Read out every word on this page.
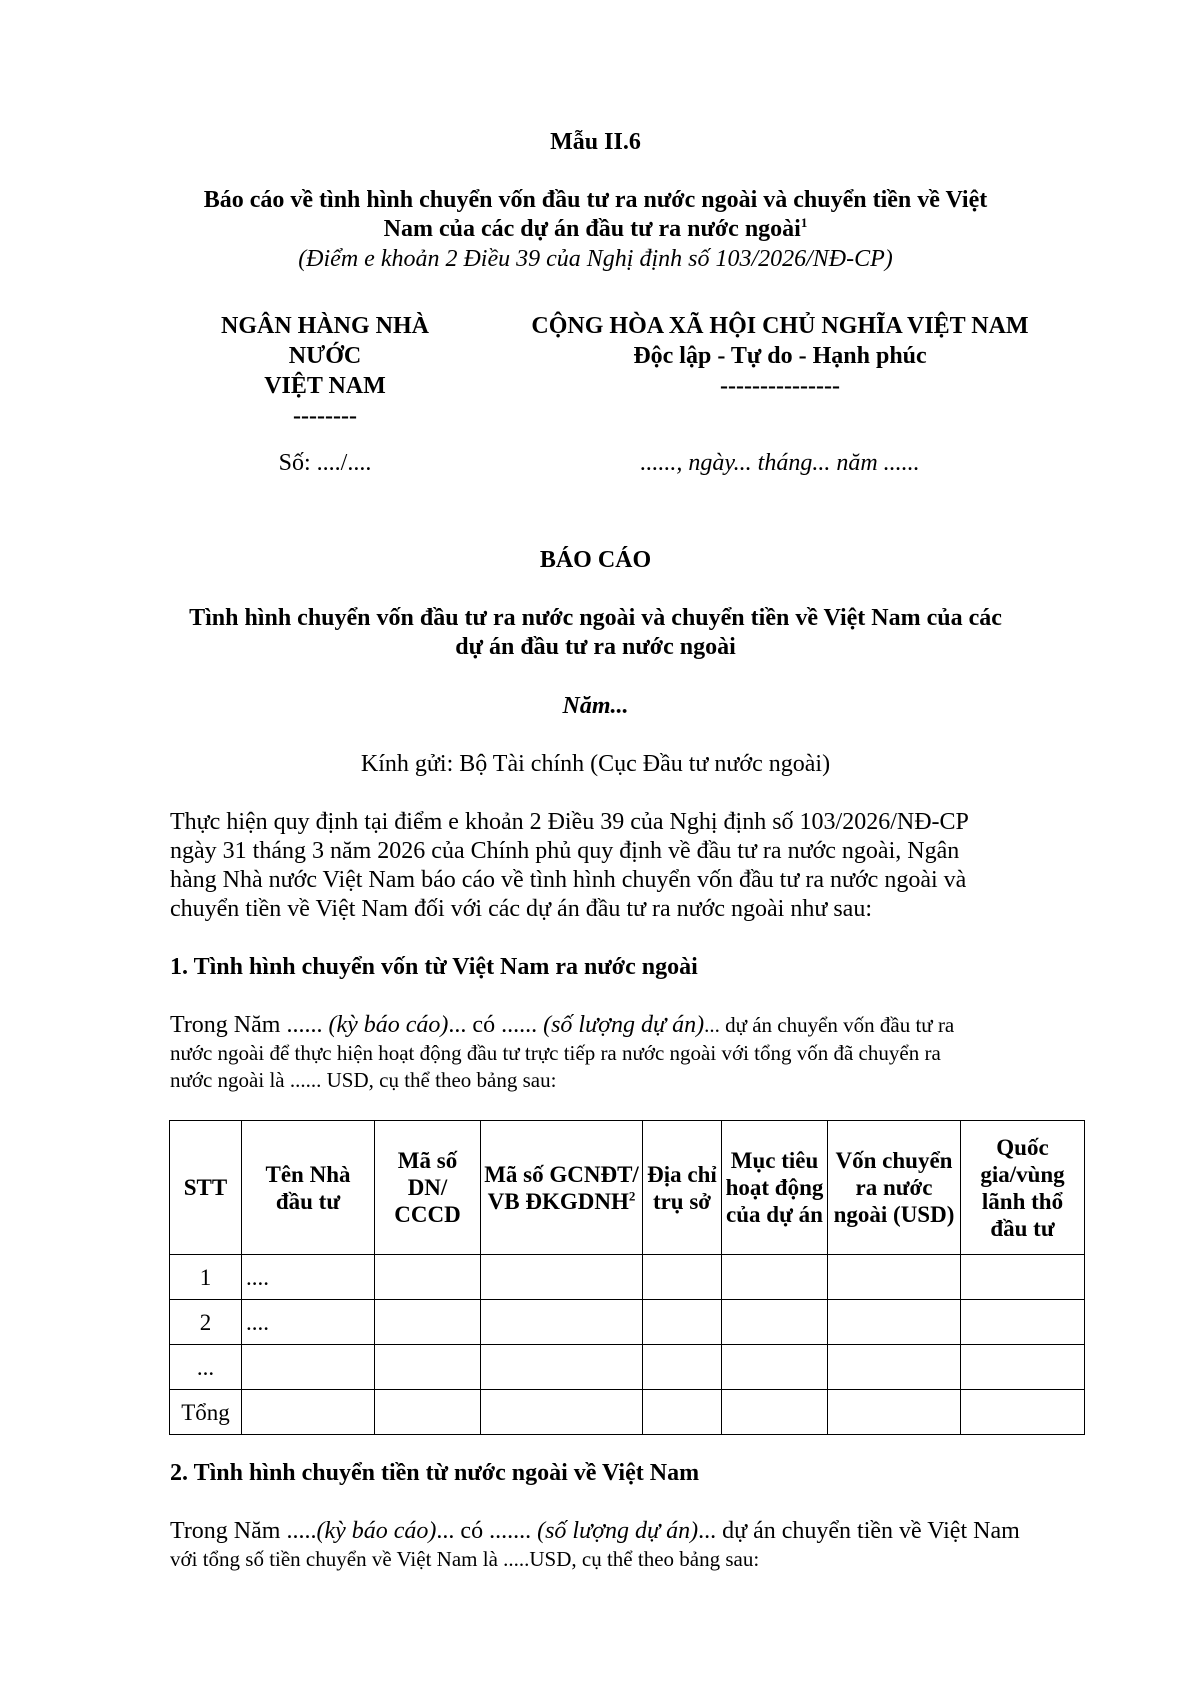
Mẫu II.6
Báo cáo về tình hình chuyển vốn đầu tư ra nước ngoài và chuyển tiền về Việt
Nam của các dự án đầu tư ra nước ngoài$^1$
(Điểm e khoản 2 Điều 39 của Nghị định số 103/2026/NĐ-CP)
NGÂN HÀNG NHÀ
NƯỚC
VIỆT NAM
--------
CỘNG HÒA XÃ HỘI CHỦ NGHĨA VIỆT NAM
Độc lập - Tự do - Hạnh phúc
---------------
Số: ..../....	......, ngày... tháng... năm ......
BÁO CÁO
Tình hình chuyển vốn đầu tư ra nước ngoài và chuyển tiền về Việt Nam của các
dự án đầu tư ra nước ngoài
Năm...
Kính gửi: Bộ Tài chính (Cục Đầu tư nước ngoài)
Thực hiện quy định tại điểm e khoản 2 Điều 39 của Nghị định số 103/2026/NĐ-CP
ngày 31 tháng 3 năm 2026 của Chính phủ quy định về đầu tư ra nước ngoài, Ngân
hàng Nhà nước Việt Nam báo cáo về tình hình chuyển vốn đầu tư ra nước ngoài và
chuyển tiền về Việt Nam đối với các dự án đầu tư ra nước ngoài như sau:
1. Tình hình chuyển vốn từ Việt Nam ra nước ngoài
Trong Năm ...... (kỳ báo cáo)... có ...... (số lượng dự án)... dự án chuyển vốn đầu tư ra
nước ngoài để thực hiện hoạt động đầu tư trực tiếp ra nước ngoài với tổng vốn đã chuyển ra
nước ngoài là ...... USD, cụ thể theo bảng sau:
STT	Tên Nhà đầu tư	Mã số DN/ CCCD	Mã số GCNĐT/ VB ĐKGDNH$^2$	Địa chỉ trụ sở	Mục tiêu hoạt động của dự án	Vốn chuyển ra nước ngoài (USD)	Quốc gia/vùng lãnh thổ đầu tư
1	....						
2	....						
...							
Tổng							
2. Tình hình chuyển tiền từ nước ngoài về Việt Nam
Trong Năm .....(kỳ báo cáo)... có ....... (số lượng dự án)... dự án chuyển tiền về Việt Nam
với tổng số tiền chuyển về Việt Nam là .....USD, cụ thể theo bảng sau:
